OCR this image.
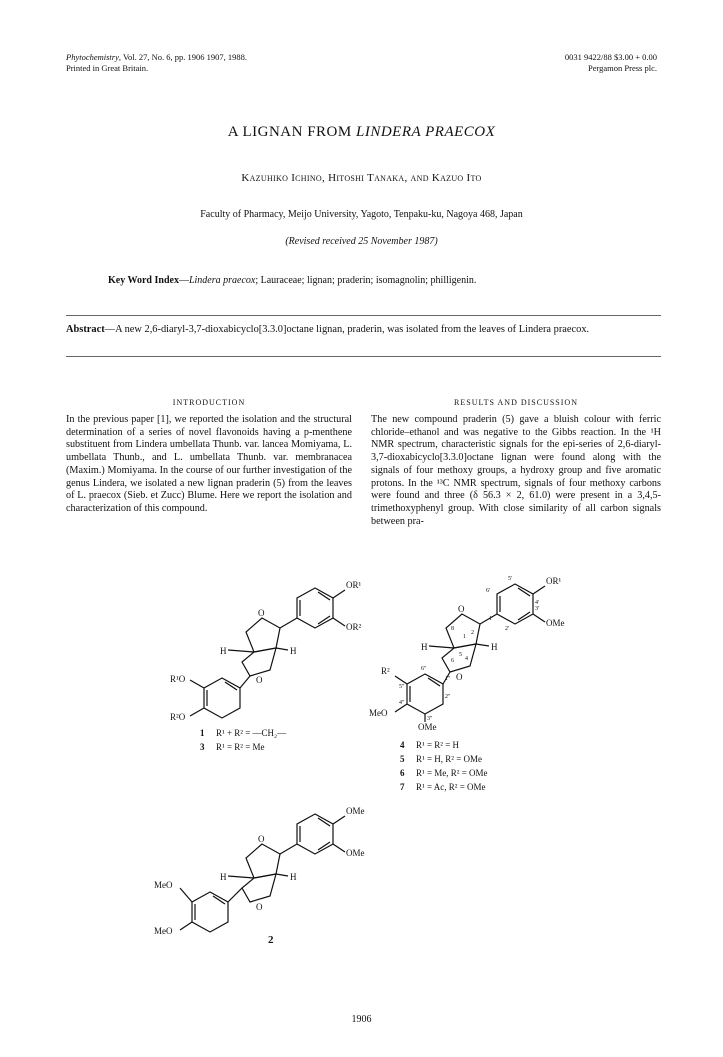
Phytochemistry, Vol. 27, No. 6, pp. 1906 1907, 1988.
Printed in Great Britain.
0031 9422/88 $3.00 + 0.00
Pergamon Press plc.
A LIGNAN FROM LINDERA PRAECOX
Kazuhiko Ichino, Hitoshi Tanaka, and Kazuo Ito
Faculty of Pharmacy, Meijo University, Yagoto, Tenpaku-ku, Nagoya 468, Japan
(Revised received 25 November 1987)
Key Word Index—Lindera praecox; Lauraceae; lignan; praderin; isomagnolin; philligenin.
Abstract—A new 2,6-diaryl-3,7-dioxabicyclo[3.3.0]octane lignan, praderin, was isolated from the leaves of Lindera praecox.
INTRODUCTION
In the previous paper [1], we reported the isolation and the structural determination of a series of novel flavonoids having a p-menthene substituent from Lindera umbellata Thunb. var. lancea Momiyama, L. umbellata Thunb., and L. umbellata Thunb. var. membranacea (Maxim.) Momiyama. In the course of our further investigation of the genus Lindera, we isolated a new lignan praderin (5) from the leaves of L. praecox (Sieb. et Zucc) Blume. Here we report the isolation and characterization of this compound.
RESULTS AND DISCUSSION
The new compound praderin (5) gave a bluish colour with ferric chloride–ethanol and was negative to the Gibbs reaction. In the ¹H NMR spectrum, characteristic signals for the epi-series of 2,6-diaryl-3,7-dioxabicyclo[3.3.0]octane lignan were found along with the signals of four methoxy groups, a hydroxy group and five aromatic protons. In the ¹³C NMR spectrum, signals of four methoxy carbons were found and three (δ 56.3 × 2, 61.0) were present in a 3,4,5-trimethoxyphenyl group. With close similarity of all carbon signals between pra-
OR¹
OR²
O
O
H	H
R¹O
R²O
1 R¹ + R² = —CH₂—
3 R¹ = R² = Me
OR¹
OMe
O
O
H	H
R²
MeO
5'
6'
4'
3'
2'
1'
1
2
5
6
8
4
6''
1''
2''
5''
4''
3''
OMe
4 R¹ = R² = H
5 R¹ = H, R² = OMe
6 R¹ = Me, R² = OMe
7 R¹ = Ac, R² = OMe
OMe
OMe
O
O
H	H
MeO
MeO
2
1906
